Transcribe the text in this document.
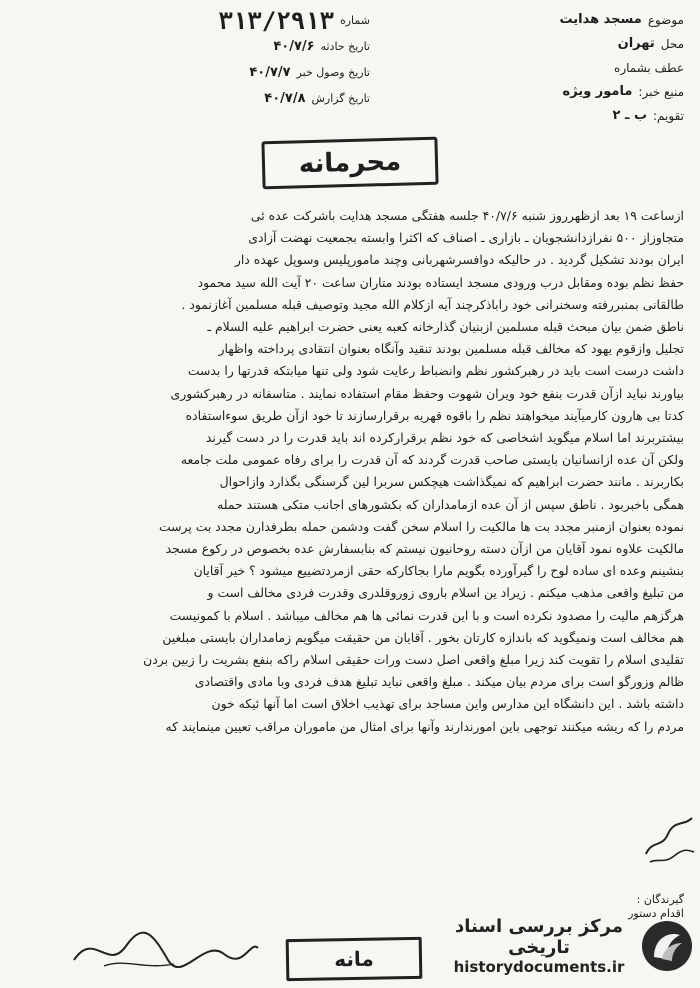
موضوع
مسجد هدایت
محل
تهران
عطف بشماره
منبع خبر:
مامور ویژه
تقویم:
ب ـ ۲
شماره
۳۱۳/۲۹۱۳
تاریخ حادثه
۴۰/۷/۶
تاریخ وصول خبر
۴۰/۷/۷
تاریخ گزارش
۴۰/۷/۸
محرمانه

ازساعت ۱۹ بعد ازظهرروز شنبه ۴۰/۷/۶ جلسه هفتگی مسجد هدایت باشرکت عده ئی

متجاوزاز ۵۰۰ نفرازدانشجویان ـ بازاری ـ اصناف که اکثرا وابسته بجمعیت نهضت آزادی

ایران بودند تشکیل گردید . در حالیکه دوافسرشهربانی وچند مامورپلیس وسوپل عهده دار

حفظ نظم بوده ومقابل درب ورودی مسجد ایستاده بودند متاران ساعت ۲۰ آیت الله سید محمود

طالقانی بمنبررفته وسخنرانی خود راباذکرچند آیه ازکلام الله مجید وتوصیف قبله مسلمین آغازنمود .

ناطق ضمن بیان مبحث قبله مسلمین ازبنیان گذارخانه کعبه یعنی حضرت ابراهیم علیه السلام ـ

تجلیل وازقوم یهود که مخالف قبله مسلمین بودند تنقید وآنگاه بعنوان انتقادی پرداخته واظهار

داشت درست است باید در رهبرکشور نظم وانضباط رعایت شود ولی تنها میابتکه قدرتها را بدست

بیاورند نباید ازآن قدرت بنفع خود ویران شهوت وحفظ مقام استفاده نمایند . متاسفانه در رهبرکشوری

کدتا بی هارون کارمیآیند میخواهند نظم را باقوه قهریه برقرارسازند تا خود ازآن طریق سوءاستفاده

بیشتربرند اما اسلام میگوید اشخاصی که خود نظم برقرارکرده اند باید قدرت را در دست گیرند

ولکن آن عده ازانسانیان بایستی صاحب قدرت گردند که آن قدرت را برای رفاه عمومی ملت جامعه

بکاربرند . مانند حضرت ابراهیم که نمیگذاشت هیچکس سربرا لین گرسنگی بگذارد وازاحوال

همگی باخبربود . ناطق سپس از آن عده ازمامداران که بکشورهای اجانب متکی هستند حمله

نموده بعنوان ازمنبر مجدد بت ها مالکیت را اسلام سخن گفت ودشمن حمله بطرفدارن مجدد بت پرست

مالکیت علاوه نمود آقایان من ازآن دسته روحانیون نیستم که بنابسفارش عده بخصوص در رکوع مسجد

بنشینم وعده ای ساده لوح را گیرآورده بگویم مارا بجاکارکه حقی ازمردتضییع میشود ؟ خیر آقایان

من تبلیغ واقعی مذهب میکنم . زیراد ین اسلام باروی زوروقلدری وقدرت فردی مخالف است و

هرگزهم مالیت را مصدود نکرده است و با این قدرت نمائی ها هم مخالف میباشد . اسلام با کمونیست

هم مخالف است ونمیگوید که باندازه کارتان بخور . آقایان من حقیقت میگویم زمامداران بایستی مبلغین

تقلیدی اسلام را تقویت کند زیرا مبلغ واقعی اصل دست ورات حقیقی اسلام راکه بنفع بشریت را زبین بردن

ظالم وزورگو است برای مردم بیان میکند . مبلغ واقعی نباید تبلیغ هدف فردی وبا مادی واقتصادی

داشته باشد . این دانشگاه این مدارس واین مساجد برای تهذیب اخلاق است اما آنها ئیکه خون

مردم را که ریشه میکنند توجهی باین امورندارند وآنها برای امثال من ماموران مراقب تعیین مینمایند که

گیرندگان :
اقدام دستور
مانه
مرکز بررسی اسناد تاریخی
historydocuments.ir
